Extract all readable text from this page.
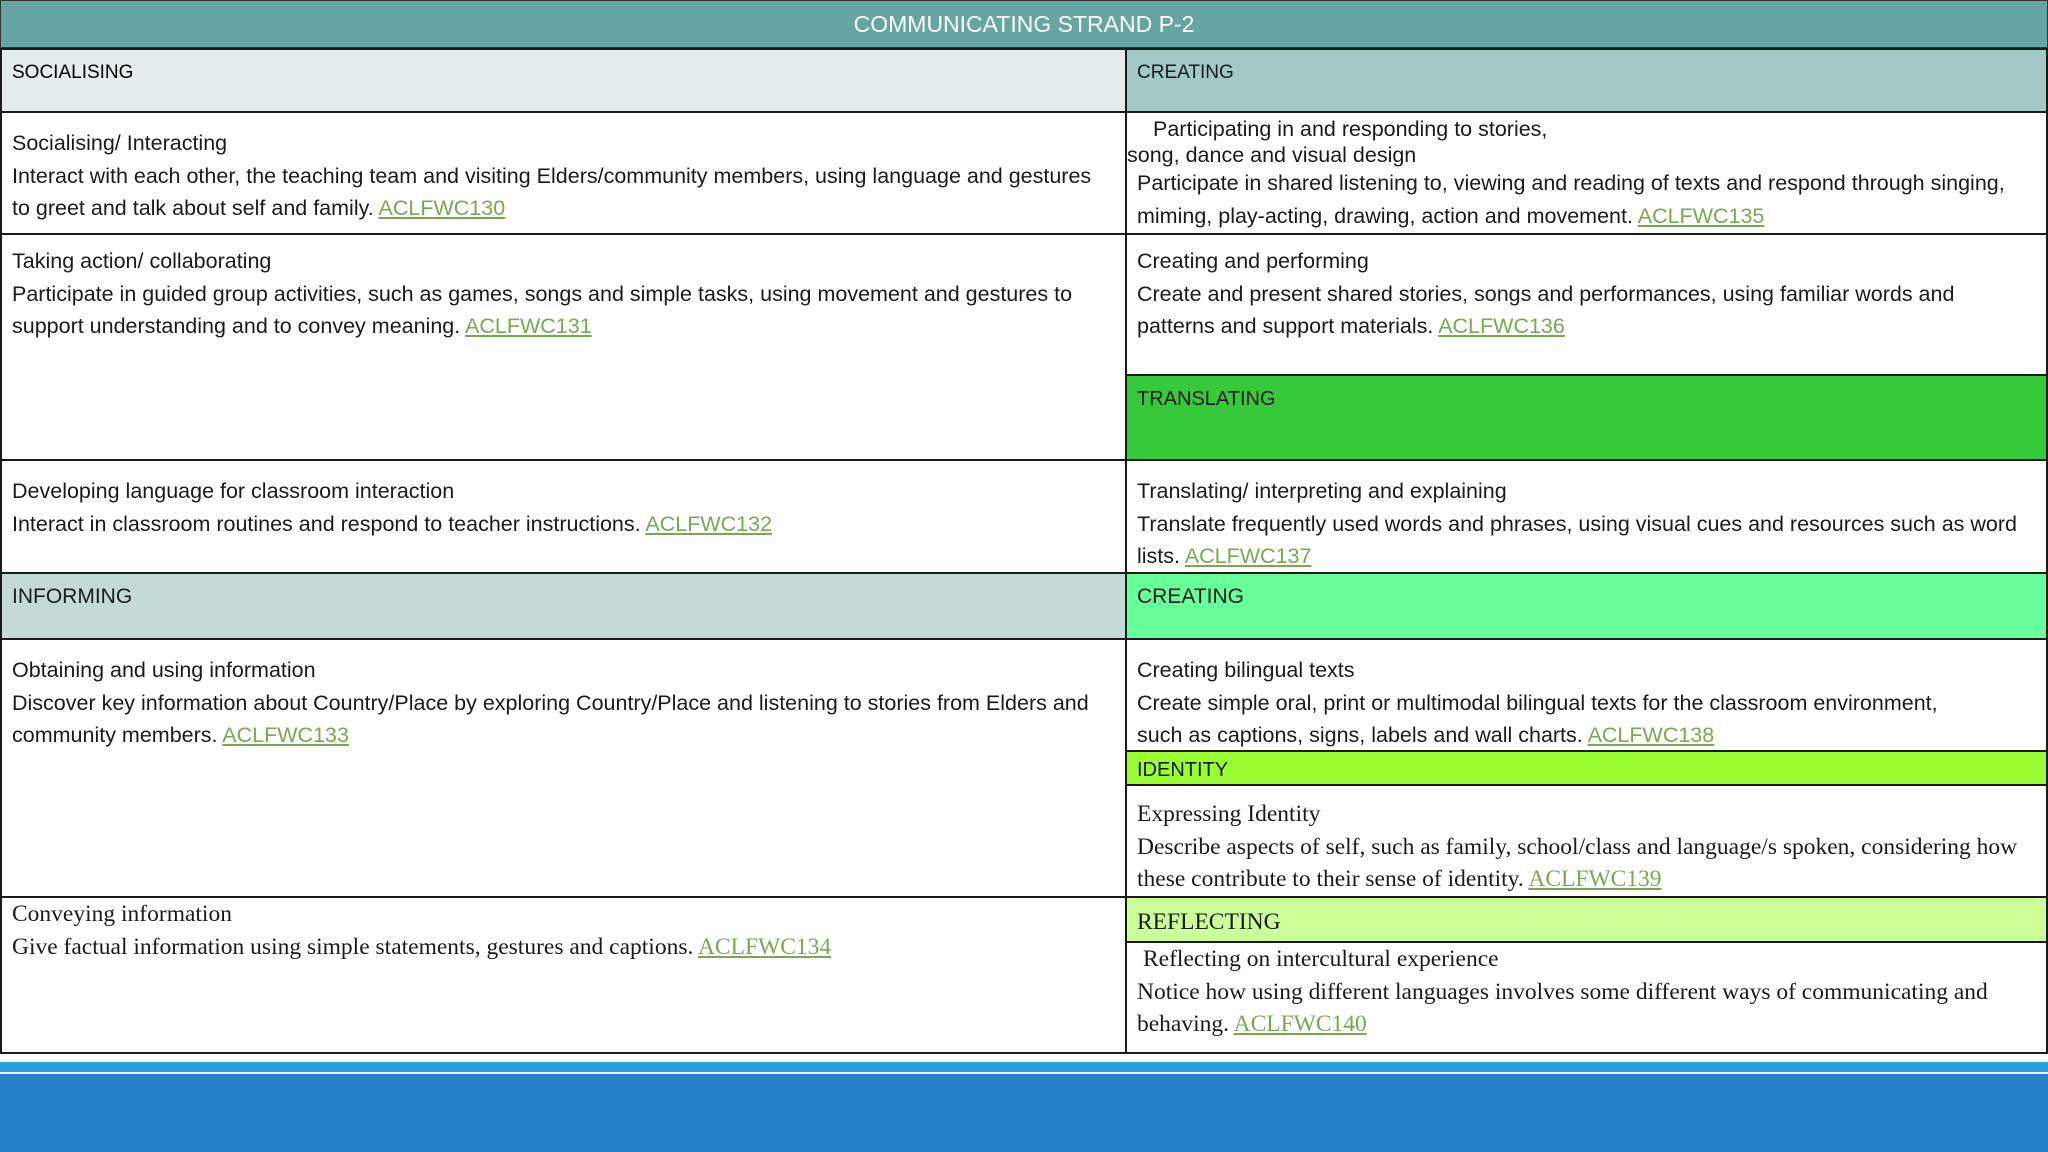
COMMUNICATING STRAND P-2
SOCIALISING
Socialising/ Interacting
Interact with each other, the teaching team and visiting Elders/community members, using language and gestures to greet and talk about self and family. ACLFWC130
Taking action/ collaborating
Participate in guided group activities, such as games, songs and simple tasks, using movement and gestures to support understanding and to convey meaning. ACLFWC131
Developing language for classroom interaction
Interact in classroom routines and respond to teacher instructions. ACLFWC132
INFORMING
Obtaining and using information
Discover key information about Country/Place by exploring Country/Place and listening to stories from Elders and community members. ACLFWC133
Conveying information
Give factual information using simple statements, gestures and captions. ACLFWC134
CREATING
Participating in and responding to stories,
song, dance and visual design
Participate in shared listening to, viewing and reading of texts and respond through singing, miming, play-acting, drawing, action and movement. ACLFWC135
Creating and performing
Create and present shared stories, songs and performances, using familiar words and patterns and support materials. ACLFWC136
TRANSLATING
Translating/ interpreting and explaining
Translate frequently used words and phrases, using visual cues and resources such as word lists. ACLFWC137
CREATING
Creating bilingual texts
Create simple oral, print or multimodal bilingual texts for the classroom environment,
such as captions, signs, labels and wall charts. ACLFWC138
IDENTITY
Expressing Identity
Describe aspects of self, such as family, school/class and language/s spoken, considering how these contribute to their sense of identity. ACLFWC139
REFLECTING
Reflecting on intercultural experience
Notice how using different languages involves some different ways of communicating and behaving. ACLFWC140
